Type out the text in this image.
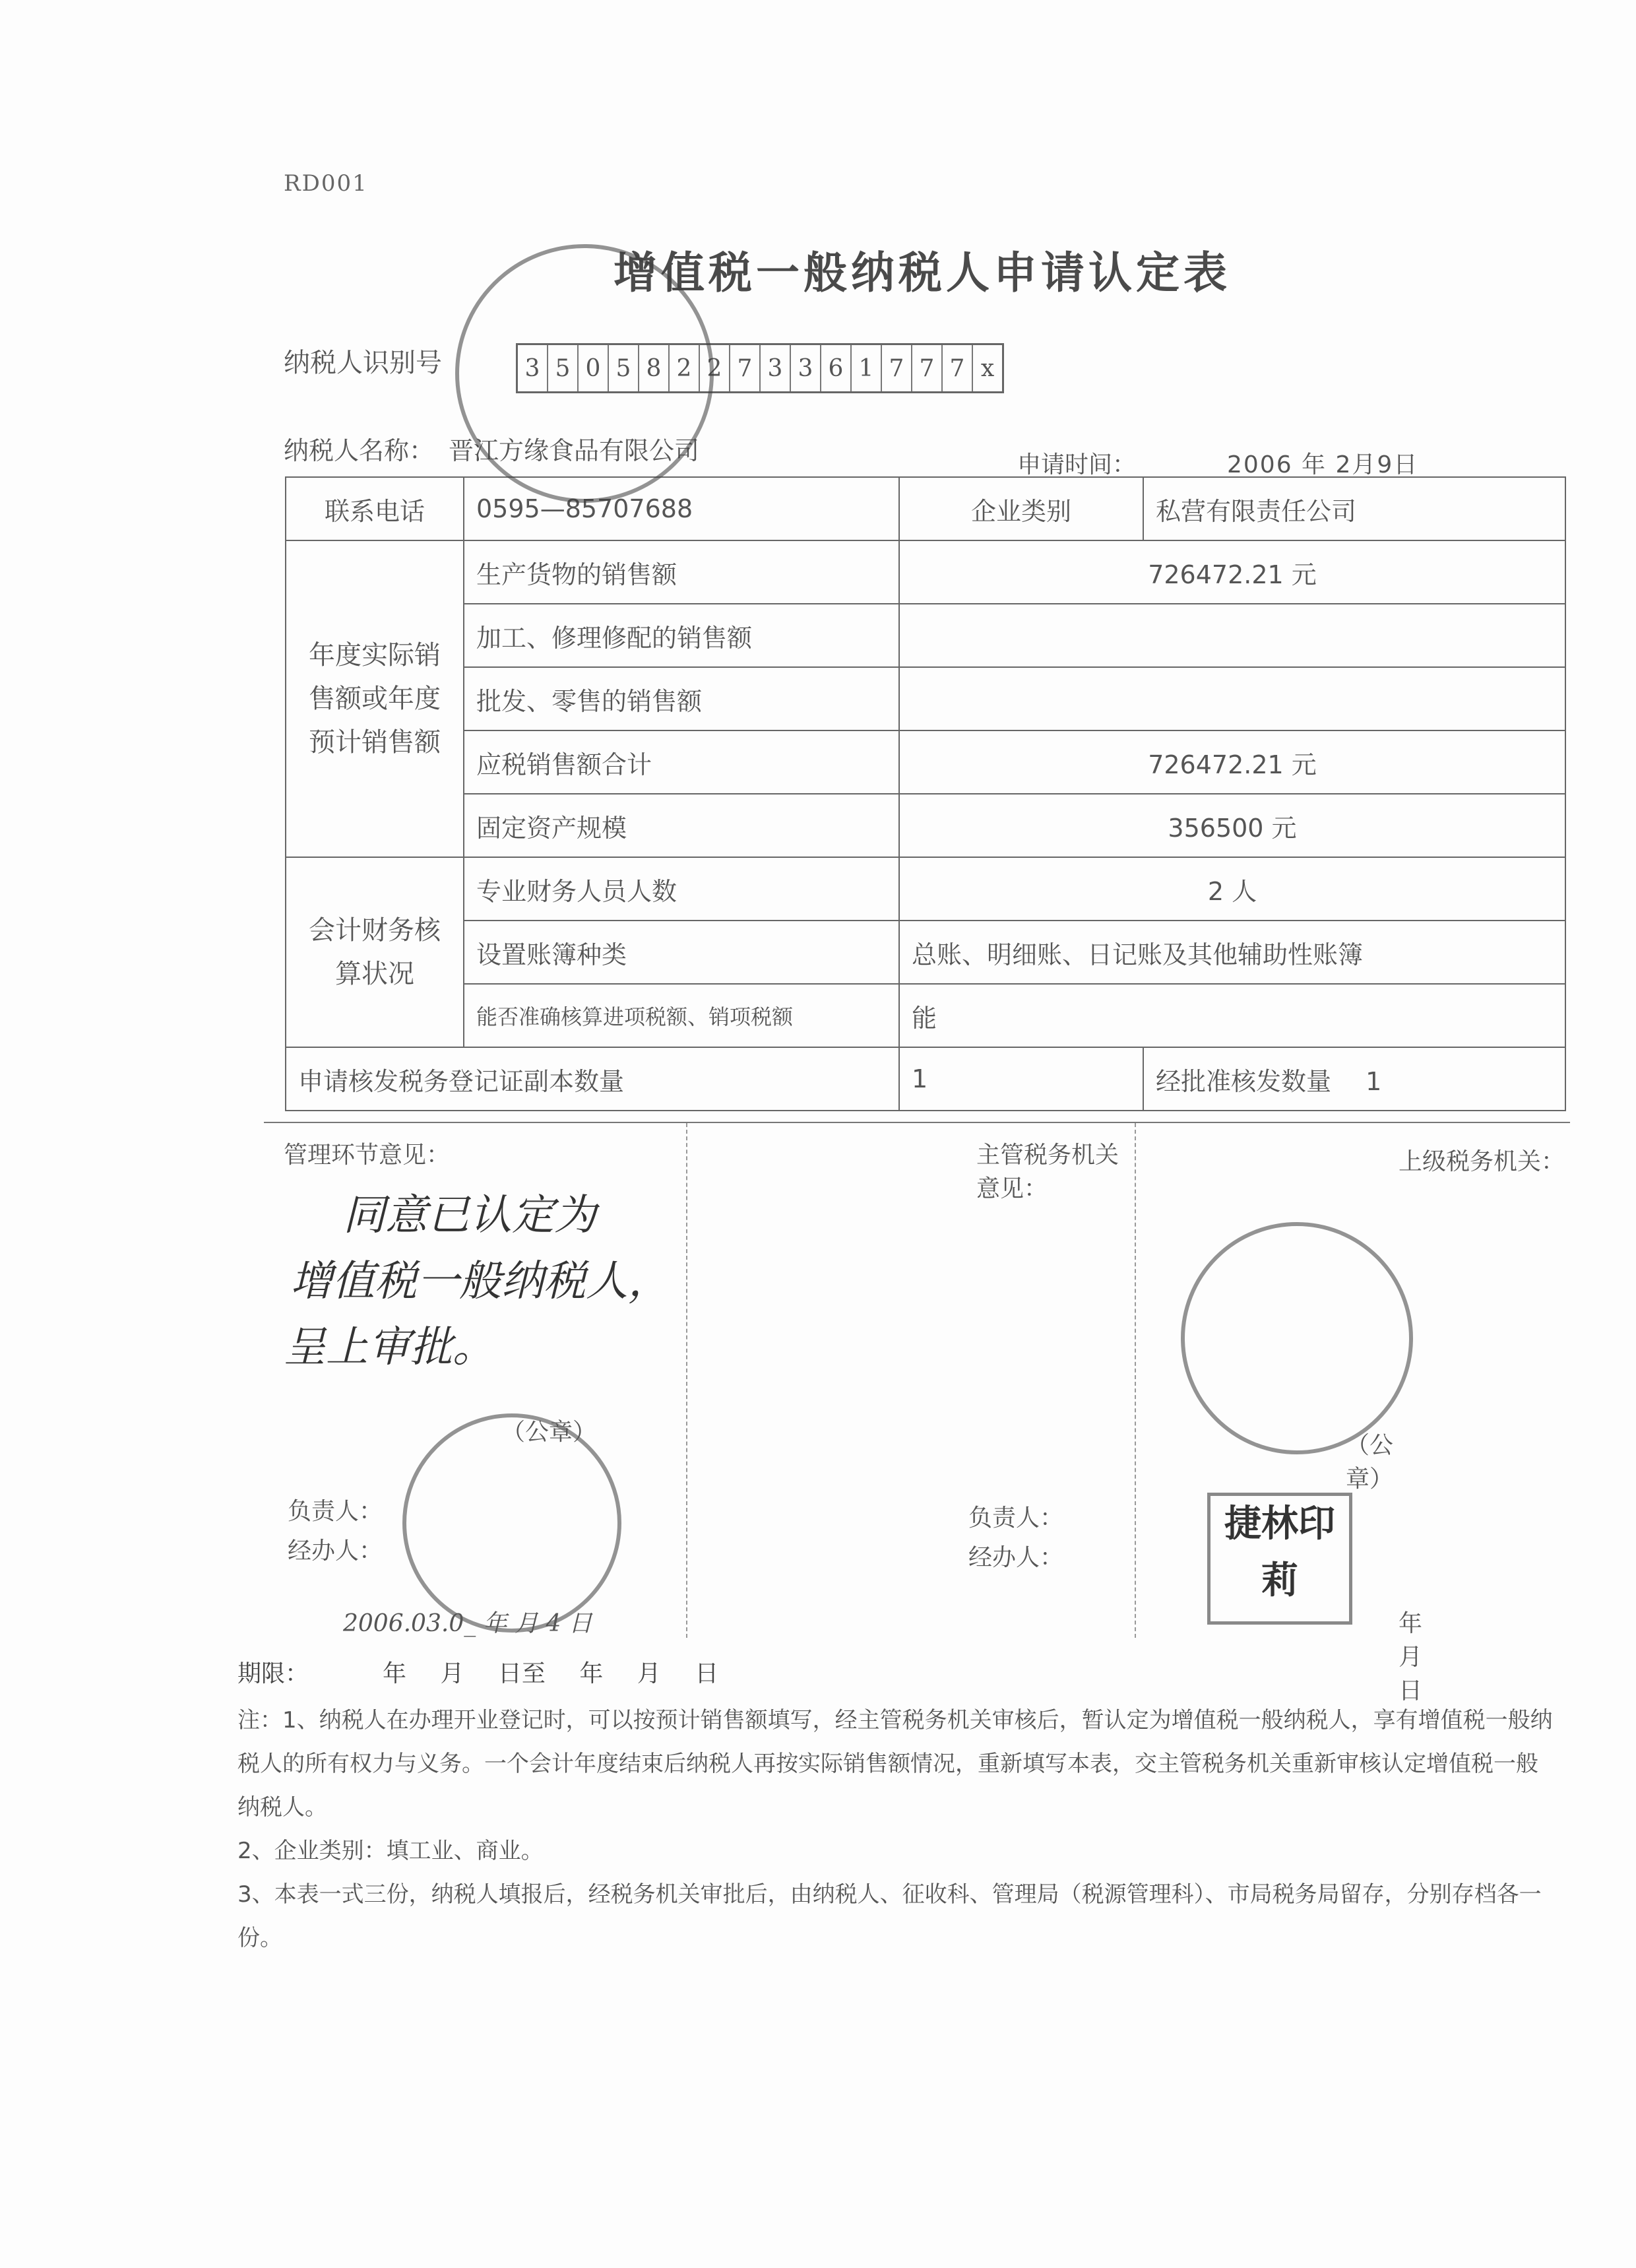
RD001
增值税一般纳税人申请认定表
纳税人识别号	3 5 0 5 8 2 2 7 3 3 6 1 7 7 7 x
纳税人名称： 晋江方缘食品有限公司	申请时间：	2006 年 2月9日
联系电话	0595—85707688	企业类别	私营有限责任公司
年度实际销售额或年度预计销售额	生产货物的销售额	726472.21 元	
	加工、修理修配的销售额		
	批发、零售的销售额		
	应税销售额合计	726472.21 元	
	固定资产规模	356500 元	
会计财务核算状况	专业财务人员人数	2 人	
	设置账簿种类	总账、明细账、日记账及其他辅助性账簿	
	能否准确核算进项税额、销项税额	能	
申请核发税务登记证副本数量		1	经批准核发数量 1
管理环节意见：
同意已认定为
增值税一般纳税人，
呈上审批。
（公章）
负责人：
经办人：
2006.03.0_ 年 月 4 日
主管税务机关意见：
（公章）
负责人：
经办人：
捷林印莉
年 月 日
上级税务机关：
期限：	年 月 日至 年 月 日

注：1、纳税人在办理开业登记时，可以按预计销售额填写，经主管税务机关审核后，暂认定为增值税一般纳税人，享有增值税一般纳税人的所有权力与义务。一个会计年度结束后纳税人再按实际销售额情况，重新填写本表，交主管税务机关重新审核认定增值税一般纳税人。

2、企业类别：填工业、商业。

3、本表一式三份，纳税人填报后，经税务机关审批后，由纳税人、征收科、管理局（税源管理科）、市局税务局留存，分别存档各一份。
